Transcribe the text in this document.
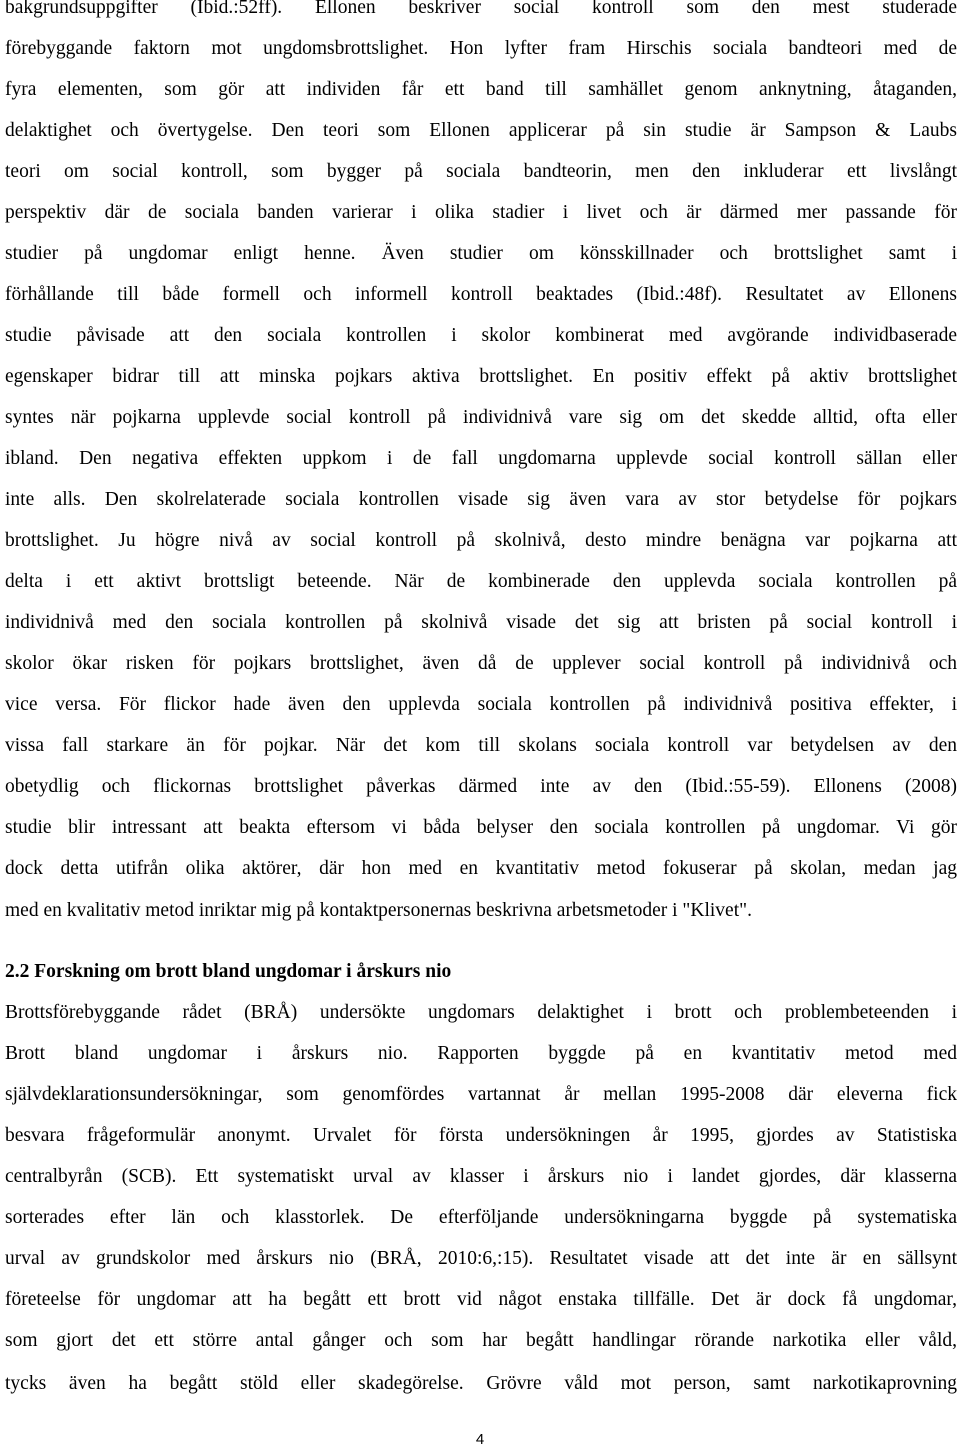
bakgrundsuppgifter (Ibid.:52ff). Ellonen beskriver social kontroll som den mest studerade
förebyggande faktorn mot ungdomsbrottslighet. Hon lyfter fram Hirschis sociala bandteori med de
fyra elementen, som gör att individen får ett band till samhället genom anknytning, åtaganden,
delaktighet och övertygelse. Den teori som Ellonen applicerar på sin studie är Sampson & Laubs
teori om social kontroll, som bygger på sociala bandteorin, men den inkluderar ett livslångt
perspektiv där de sociala banden varierar i olika stadier i livet och är därmed mer passande för
studier på ungdomar enligt henne. Även studier om könsskillnader och brottslighet samt i
förhållande till både formell och informell kontroll beaktades (Ibid.:48f). Resultatet av Ellonens
studie påvisade att den sociala kontrollen i skolor kombinerat med avgörande individbaserade
egenskaper bidrar till att minska pojkars aktiva brottslighet. En positiv effekt på aktiv brottslighet
syntes när pojkarna upplevde social kontroll på individnivå vare sig om det skedde alltid, ofta eller
ibland. Den negativa effekten uppkom i de fall ungdomarna upplevde social kontroll sällan eller
inte alls. Den skolrelaterade sociala kontrollen visade sig även vara av stor betydelse för pojkars
brottslighet. Ju högre nivå av social kontroll på skolnivå, desto mindre benägna var pojkarna att
delta i ett aktivt brottsligt beteende. När de kombinerade den upplevda sociala kontrollen på
individnivå med den sociala kontrollen på skolnivå visade det sig att bristen på social kontroll i
skolor ökar risken för pojkars brottslighet, även då de upplever social kontroll på individnivå och
vice versa. För flickor hade även den upplevda sociala kontrollen på individnivå positiva effekter, i
vissa fall starkare än för pojkar. När det kom till skolans sociala kontroll var betydelsen av den
obetydlig och flickornas brottslighet påverkas därmed inte av den (Ibid.:55-59). Ellonens (2008)
studie blir intressant att beakta eftersom vi båda belyser den sociala kontrollen på ungdomar. Vi gör
dock detta utifrån olika aktörer, där hon med en kvantitativ metod fokuserar på skolan, medan jag
med en kvalitativ metod inriktar mig på kontaktpersonernas beskrivna arbetsmetoder i "Klivet".
2.2 Forskning om brott bland ungdomar i årskurs nio
Brottsförebyggande rådet (BRÅ) undersökte ungdomars delaktighet i brott och problembeteenden i
Brott bland ungdomar i årskurs nio. Rapporten byggde på en kvantitativ metod med
självdeklarationsundersökningar, som genomfördes vartannat år mellan 1995-2008 där eleverna fick
besvara frågeformulär anonymt. Urvalet för första undersökningen år 1995, gjordes av Statistiska
centralbyrån (SCB). Ett systematiskt urval av klasser i årskurs nio i landet gjordes, där klasserna
sorterades efter län och klasstorlek. De efterföljande undersökningarna byggde på systematiska
urval av grundskolor med årskurs nio (BRÅ, 2010:6,:15). Resultatet visade att det inte är en sällsynt
företeelse för ungdomar att ha begått ett brott vid något enstaka tillfälle. Det är dock få ungdomar,
som gjort det ett större antal gånger och som har begått handlingar rörande narkotika eller våld,
tycks även ha begått stöld eller skadegörelse. Grövre våld mot person, samt narkotikaprovning
4
